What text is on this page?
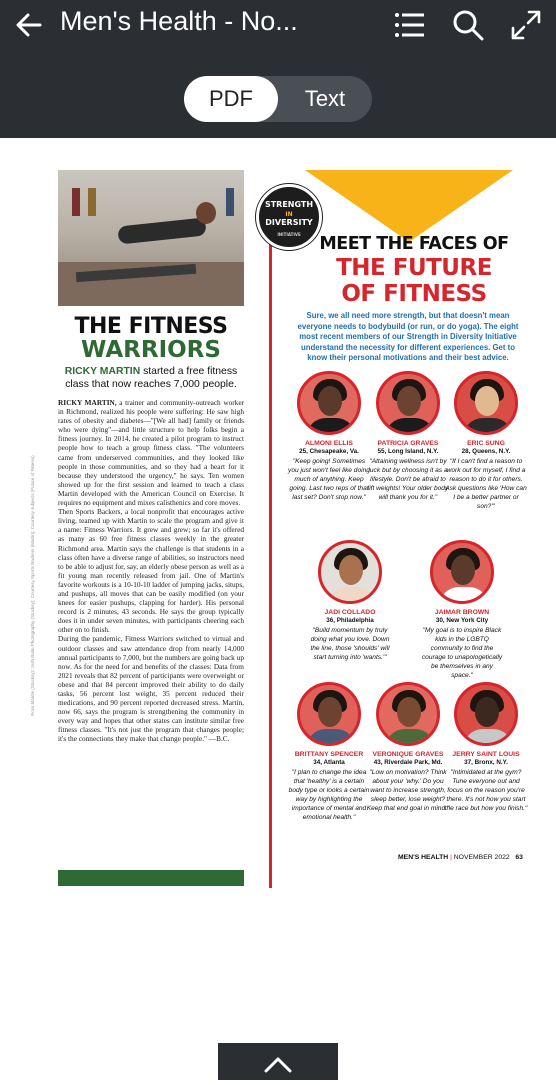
Men's Health - No...
PDF	Text
THE FITNESS
WARRIORS
RICKY MARTIN started a free fitness class that now reaches 7,000 people.
RICKY MARTIN, a trainer and community-outreach worker in Richmond, realized his people were suffering: He saw high rates of obesity and diabetes—"[We all had] family or friends who were dying"—and little structure to help folks begin a fitness journey. In 2014, he created a pilot program to instruct people how to teach a group fitness class. "The volunteers came from underserved communities, and they looked like people in those communities, and so they had a heart for it because they understood the urgency," he says. Ten women showed up for the first session and learned to teach a class Martin developed with the American Council on Exercise. It requires no equipment and mixes calisthenics and core moves.
Then Sports Backers, a local nonprofit that encourages active living, teamed up with Martin to scale the program and give it a name: Fitness Warriors. It grew and grew; so far it's offered as many as 60 free fitness classes weekly in the greater Richmond area. Martin says the challenge is that students in a class often have a diverse range of abilities, so instructors need to be able to adjust for, say, an elderly obese person as well as a fit young man recently released from jail. One of Martin's favorite workouts is a 10-10-10 ladder of jumping jacks, situps, and pushups, all moves that can be easily modified (on your knees for easier pushups, clapping for harder). His personal record is 2 minutes, 43 seconds. He says the group typically does it in under seven minutes, with participants cheering each other on to finish.
During the pandemic, Fitness Warriors switched to virtual and outdoor classes and saw attendance drop from nearly 14,000 annual participants to 7,000, but the numbers are going back up now. As for the need for and benefits of the classes: Data from 2021 reveals that 82 percent of participants were overweight or obese and that 84 percent improved their ability to do daily tasks, 56 percent lost weight, 35 percent reduced their medications, and 90 percent reported decreased stress. Martin, now 66, says the program is strengthening the community in every way and hopes that other states can institute similar free fitness classes. "It's not just the program that changes people; it's the connections they make that change people." —B.C.
Ross Mantle (Stocksy); Josh Balm Photography (Stocksy); Courtesy Sports Backers (Martin); Courtesy subjects (Future of Fitness)
STRENGTH
IN
DIVERSITY
INITIATIVE	MEET THE FACES OF
THE FUTURE
OF FITNESS
Sure, we all need more strength, but that doesn't mean everyone needs to bodybuild (or run, or do yoga). The eight most recent members of our Strength in Diversity Initiative understand the necessity for different experiences. Get to know their personal motivations and their best advice.
ALMONI ELLIS
25, Chesapeake, Va.
"Keep going! Sometimes you just won't feel like doing much of anything. Keep going. Last two reps of that last set? Don't stop now."
PATRICIA GRAVES
55, Long Island, N.Y.
"Attaining wellness isn't by luck but by choosing it as a lifestyle. Don't be afraid to lift weights! Your older body will thank you for it."
ERIC SUNG
28, Queens, N.Y.
"If I can't find a reason to work out for myself, I find a reason to do it for others. Ask questions like 'How can I be a better partner or son?'"
JADI COLLADO
36, Philadelphia
"Build momentum by truly doing what you love. Down the line, those 'shoulds' will start turning into 'wants.'"
JAIMAR BROWN
30, New York City
"My goal is to inspire Black kids in the LGBTQ community to find the courage to unapologetically be themselves in any space."
BRITTANY SPENCER
34, Atlanta
"I plan to change the idea that 'healthy' is a certain body type or looks a certain way by highlighting the importance of mental and emotional health."
VERONIQUE GRAVES
43, Riverdale Park, Md.
"Low on motivation? Think about your 'why.' Do you want to increase strength, sleep better, lose weight? Keep that end goal in mind."
JERRY SAINT LOUIS
37, Bronx, N.Y.
"Intimidated at the gym? Tune everyone out and focus on the reason you're there. It's not how you start the race but how you finish."
MEN'S HEALTH | NOVEMBER 2022 63
